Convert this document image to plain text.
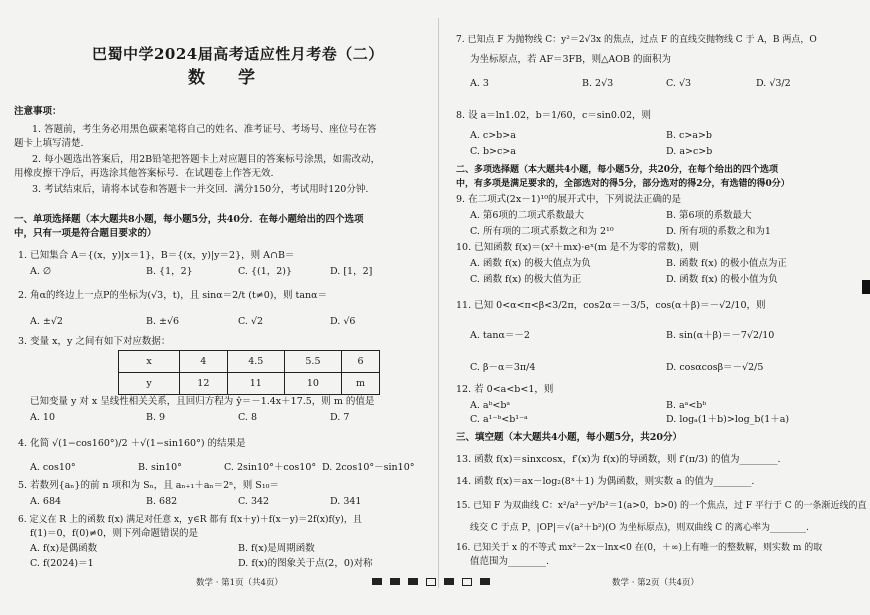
巴蜀中学2024届高考适应性月考卷（二）
数　学
注意事项：
1. 答题前，考生务必用黑色碳素笔将自己的姓名、准考证号、考场号、座位号在答
题卡上填写清楚.
2. 每小题选出答案后，用2B铅笔把答题卡上对应题目的答案标号涂黑，如需改动，
用橡皮擦干净后，再选涂其他答案标号．在试题卷上作答无效.
3. 考试结束后，请将本试卷和答题卡一并交回．满分150分，考试用时120分钟.
一、单项选择题（本大题共8小题，每小题5分，共40分．在每小题给出的四个选项
中，只有一项是符合题目要求的）
1. 已知集合 A＝{(x，y)|x＝1}，B＝{(x，y)|y＝2}，则 A∩B＝
A. ∅	B. {1，2}	C. {(1，2)}	D. [1，2]
2. 角α的终边上一点P的坐标为(√3，t)，且 sinα＝2/t (t≠0)，则 tanα＝
A. ±√2	B. ±√6	C. √2	D. √6
3. 变量 x，y 之间有如下对应数据：
x	4	4.5	5.5	6
y	12	11	10	m
已知变量 y 对 x 呈线性相关关系，且回归方程为 ŷ＝－1.4x＋17.5，则 m 的值是
A. 10	B. 9	C. 8	D. 7
4. 化简 √(1−cos160°)/2 ＋√(1−sin160°) 的结果是
A. cos10°	B. sin10°	C. 2sin10°＋cos10° D. 2cos10°－sin10°
5. 若数列{aₙ}的前 n 项和为 Sₙ，且 aₙ₊₁＋aₙ＝2ⁿ，则 S₁₀＝
A. 684	B. 682	C. 342	D. 341
6. 定义在 R 上的函数 f(x) 满足对任意 x，y∈R 都有 f(x＋y)＋f(x－y)＝2f(x)f(y)，且
f(1)＝0，f(0)≠0，则下列命题错误的是
A. f(x)是偶函数	B. f(x)是周期函数
C. f(2024)＝1	D. f(x)的图象关于点(2，0)对称
数学 · 第1页（共4页）
7. 已知点 F 为抛物线 C：y²＝2√3x 的焦点，过点 F 的直线交抛物线 C 于 A，B 两点，O
为坐标原点，若 AF＝3FB，则△AOB 的面积为
A. 3	B. 2√3	C. √3	D. √3/2
8. 设 a＝ln1.02，b＝1/60，c＝sin0.02，则
A. c>b>a	B. c>a>b
C. b>c>a	D. a>c>b
二、多项选择题（本大题共4小题，每小题5分，共20分，在每个给出的四个选项
中，有多项是满足要求的，全部选对的得5分，部分选对的得2分，有选错的得0分）
9. 在二项式(2x－1)¹⁰的展开式中，下列说法正确的是
A. 第6项的二项式系数最大	B. 第6项的系数最大
C. 所有项的二项式系数之和为 2¹⁰	D. 所有项的系数之和为1
10. 已知函数 f(x)＝(x²＋mx)·eˣ(m 是不为零的常数)，则
A. 函数 f(x) 的极大值点为负	B. 函数 f(x) 的极小值点为正
C. 函数 f(x) 的极大值为正	D. 函数 f(x) 的极小值为负
11. 已知 0<α<π<β<3/2π，cos2α＝－3/5，cos(α＋β)＝－√2/10，则
A. tanα＝－2	B. sin(α＋β)＝－7√2/10
C. β－α＝3π/4	D. cosαcosβ＝－√2/5
12. 若 0<a<b<1，则
A. aᵇ<bᵃ	B. aᵃ<bᵇ
C. a¹⁻ᵇ<b¹⁻ᵃ	D. logₐ(1＋b)>log_b(1＋a)
三、填空题（本大题共4小题，每小题5分，共20分）
13. 函数 f(x)＝sinxcosx，f′(x)为 f(x)的导函数，则 f′(π/3) 的值为________.
14. 函数 f(x)＝ax－log₂(8ˣ＋1) 为偶函数，则实数 a 的值为________.
15. 已知 F 为双曲线 C：x²/a²－y²/b²＝1(a>0，b>0) 的一个焦点，过 F 平行于 C 的一条渐近线的直
线交 C 于点 P，|OP|＝√(a²＋b²)(O 为坐标原点)，则双曲线 C 的离心率为________.
16. 已知关于 x 的不等式 mx²－2x－lnx<0 在(0，＋∞)上有唯一的整数解，则实数 m 的取
值范围为________.
数学 · 第2页（共4页）
